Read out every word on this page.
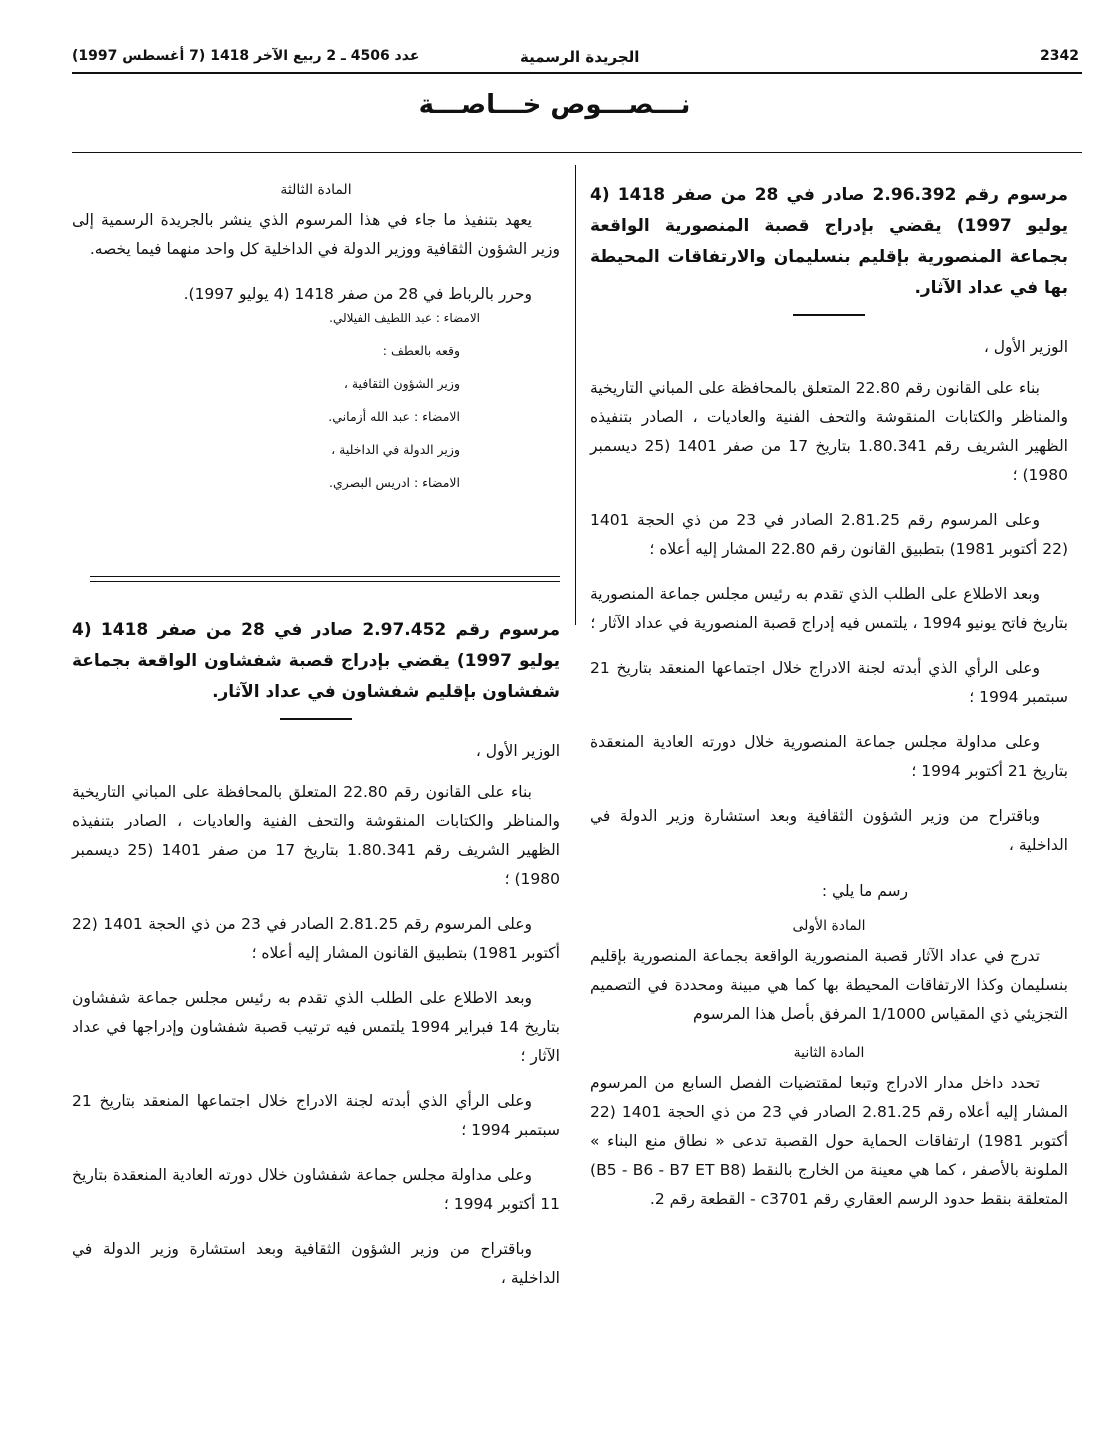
2342
الجريدة الرسمية
عدد 4506 ـ 2 ربيع الآخر 1418 (7 أغسطس 1997)
نـــصـــوص خـــاصـــة
مرسوم رقم 2.96.392 صادر في 28 من صفر 1418 (4 يوليو 1997) يقضي بإدراج قصبة المنصورية الواقعة بجماعة المنصورية بإقليم بنسليمان والارتفاقات المحيطة بها في عداد الآثار.
الوزير الأول ،
بناء على القانون رقم 22.80 المتعلق بالمحافظة على المباني التاريخية والمناظر والكتابات المنقوشة والتحف الفنية والعاديات ، الصادر بتنفيذه الظهير الشريف رقم 1.80.341 بتاريخ 17 من صفر 1401 (25 ديسمبر 1980) ؛
وعلى المرسوم رقم 2.81.25 الصادر في 23 من ذي الحجة 1401 (22 أكتوبر 1981) بتطبيق القانون رقم 22.80 المشار إليه أعلاه ؛
وبعد الاطلاع على الطلب الذي تقدم به رئيس مجلس جماعة المنصورية بتاريخ فاتح يونيو 1994 ، يلتمس فيه إدراج قصبة المنصورية في عداد الآثار ؛
وعلى الرأي الذي أبدته لجنة الادراج خلال اجتماعها المنعقد بتاريخ 21 سبتمبر 1994 ؛
وعلى مداولة مجلس جماعة المنصورية خلال دورته العادية المنعقدة بتاريخ 21 أكتوبر 1994 ؛
وباقتراح من وزير الشؤون الثقافية وبعد استشارة وزير الدولة في الداخلية ،
رسم ما يلي :
المادة الأولى
تدرج في عداد الآثار قصبة المنصورية الواقعة بجماعة المنصورية بإقليم بنسليمان وكذا الارتفاقات المحيطة بها كما هي مبينة ومحددة في التصميم التجزيئي ذي المقياس 1/1000 المرفق بأصل هذا المرسوم
المادة الثانية
تحدد داخل مدار الادراج وتبعا لمقتضيات الفصل السابع من المرسوم المشار إليه أعلاه رقم 2.81.25 الصادر في 23 من ذي الحجة 1401 (22 أكتوبر 1981) ارتفاقات الحماية حول القصبة تدعى « نطاق منع البناء » الملونة بالأصفر ، كما هي معينة من الخارج بالنقط (B5 - B6 - B7 ET B8) المتعلقة بنقط حدود الرسم العقاري رقم c3701 - القطعة رقم 2.
المادة الثالثة
يعهد بتنفيذ ما جاء في هذا المرسوم الذي ينشر بالجريدة الرسمية إلى وزير الشؤون الثقافية ووزير الدولة في الداخلية كل واحد منهما فيما يخصه.
وحرر بالرباط في 28 من صفر 1418 (4 يوليو 1997).
الامضاء : عبد اللطيف الفيلالي.
وقعه بالعطف :
وزير الشؤون الثقافية ،
الامضاء : عبد الله أزماني.
وزير الدولة في الداخلية ،
الامضاء : ادريس البصري.
مرسوم رقم 2.97.452 صادر في 28 من صفر 1418 (4 يوليو 1997) يقضي بإدراج قصبة شفشاون الواقعة بجماعة شفشاون بإقليم شفشاون في عداد الآثار.
الوزير الأول ،
بناء على القانون رقم 22.80 المتعلق بالمحافظة على المباني التاريخية والمناظر والكتابات المنقوشة والتحف الفنية والعاديات ، الصادر بتنفيذه الظهير الشريف رقم 1.80.341 بتاريخ 17 من صفر 1401 (25 ديسمبر 1980) ؛
وعلى المرسوم رقم 2.81.25 الصادر في 23 من ذي الحجة 1401 (22 أكتوبر 1981) بتطبيق القانون المشار إليه أعلاه ؛
وبعد الاطلاع على الطلب الذي تقدم به رئيس مجلس جماعة شفشاون بتاريخ 14 فبراير 1994 يلتمس فيه ترتيب قصبة شفشاون وإدراجها في عداد الآثار ؛
وعلى الرأي الذي أبدته لجنة الادراج خلال اجتماعها المنعقد بتاريخ 21 سبتمبر 1994 ؛
وعلى مداولة مجلس جماعة شفشاون خلال دورته العادية المنعقدة بتاريخ 11 أكتوبر 1994 ؛
وباقتراح من وزير الشؤون الثقافية وبعد استشارة وزير الدولة في الداخلية ،
